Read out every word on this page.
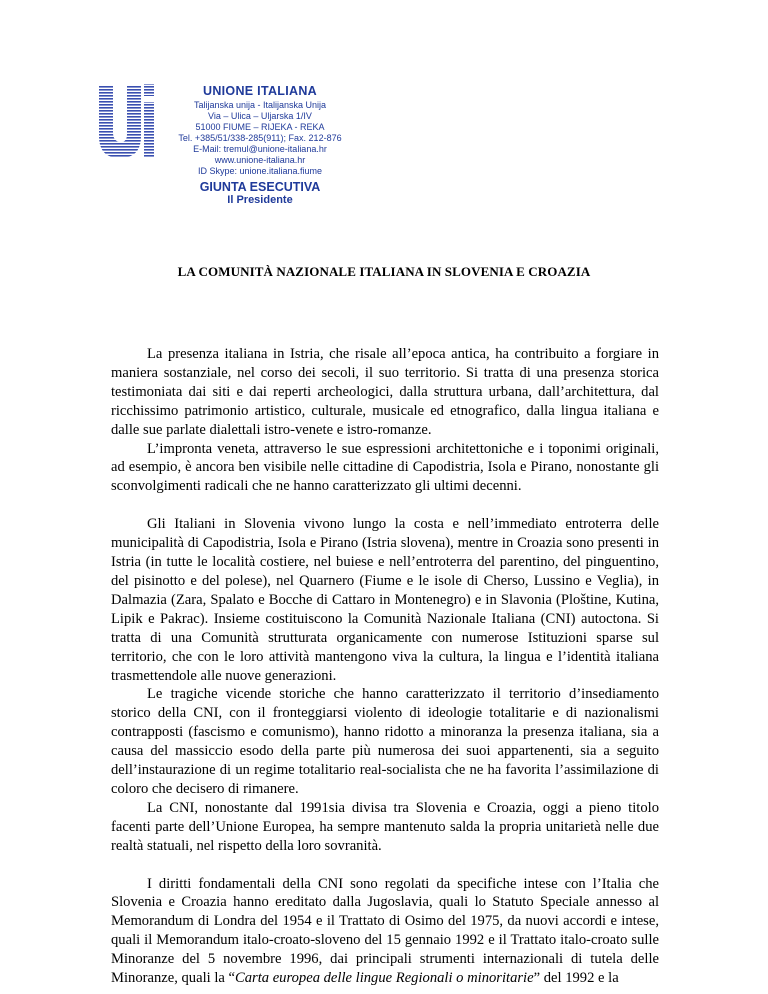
UNIONE ITALIANA
Talijanska unija - Italijanska Unija
Via – Ulica – Uljarska 1/IV
51000 FIUME – RIJEKA - REKA
Tel. +385/51/338-285(911); Fax. 212-876
E-Mail: tremul@unione-italiana.hr
www.unione-italiana.hr
ID Skype: unione.italiana.fiume
GIUNTA ESECUTIVA
Il Presidente
LA COMUNITÀ NAZIONALE ITALIANA IN SLOVENIA E CROAZIA

La presenza italiana in Istria, che risale all’epoca antica, ha contribuito a forgiare in maniera sostanziale, nel corso dei secoli, il suo territorio. Si tratta di una presenza storica testimoniata dai siti e dai reperti archeologici, dalla struttura urbana, dall’architettura, dal ricchissimo patrimonio artistico, culturale, musicale ed etnografico, dalla lingua italiana e dalle sue parlate dialettali istro-venete e istro-romanze.

L’impronta veneta, attraverso le sue espressioni architettoniche e i toponimi originali, ad esempio, è ancora ben visibile nelle cittadine di Capodistria, Isola e Pirano, nonostante gli sconvolgimenti radicali che ne hanno caratterizzato gli ultimi decenni.

Gli Italiani in Slovenia vivono lungo la costa e nell’immediato entroterra delle municipalità di Capodistria, Isola e Pirano (Istria slovena), mentre in Croazia sono presenti in Istria (in tutte le località costiere, nel buiese e nell’entroterra del parentino, del pinguentino, del pisinotto e del polese), nel Quarnero (Fiume e le isole di Cherso, Lussino e Veglia), in Dalmazia (Zara, Spalato e Bocche di Cattaro in Montenegro) e in Slavonia (Ploštine, Kutina, Lipik e Pakrac). Insieme costituiscono la Comunità Nazionale Italiana (CNI) autoctona. Si tratta di una Comunità strutturata organicamente con numerose Istituzioni sparse sul territorio, che con le loro attività mantengono viva la cultura, la lingua e l’identità italiana trasmettendole alle nuove generazioni.

Le tragiche vicende storiche che hanno caratterizzato il territorio d’insediamento storico della CNI, con il fronteggiarsi violento di ideologie totalitarie e di nazionalismi contrapposti (fascismo e comunismo), hanno ridotto a minoranza la presenza italiana, sia a causa del massiccio esodo della parte più numerosa dei suoi appartenenti, sia a seguito dell’instaurazione di un regime totalitario real-socialista che ne ha favorita l’assimilazione di coloro che decisero di rimanere.

La CNI, nonostante dal 1991sia divisa tra Slovenia e Croazia, oggi a pieno titolo facenti parte dell’Unione Europea, ha sempre mantenuto salda la propria unitarietà nelle due realtà statuali, nel rispetto della loro sovranità.

I diritti fondamentali della CNI sono regolati da specifiche intese con l’Italia che Slovenia e Croazia hanno ereditato dalla Jugoslavia, quali lo Statuto Speciale annesso al Memorandum di Londra del 1954 e il Trattato di Osimo del 1975, da nuovi accordi e intese, quali il Memorandum italo-croato-sloveno del 15 gennaio 1992 e il Trattato italo-croato sulle Minoranze del 5 novembre 1996, dai principali strumenti internazionali di tutela delle Minoranze, quali la “Carta europea delle lingue Regionali o minoritarie” del 1992 e la
